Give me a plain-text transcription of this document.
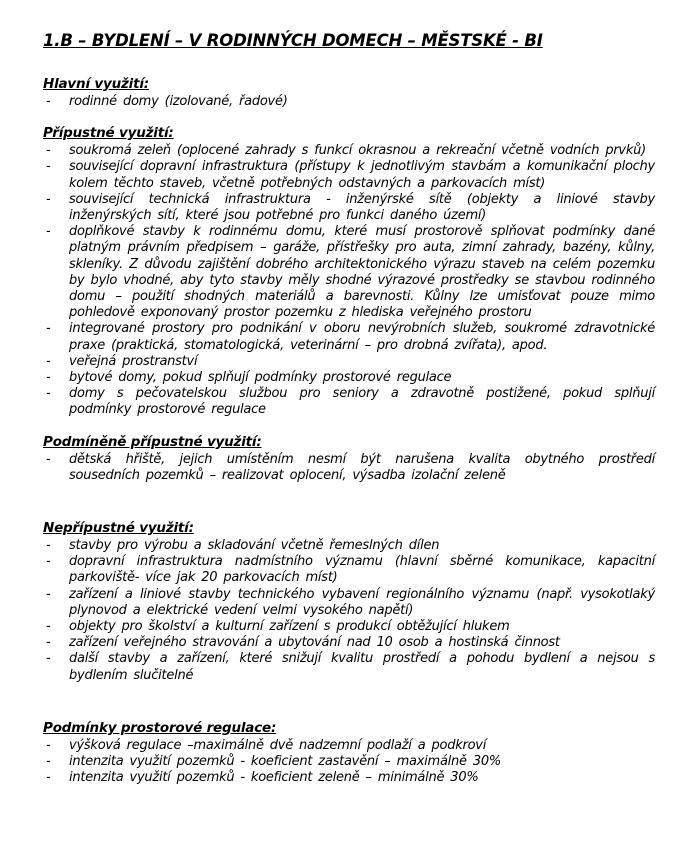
1.B – BYDLENÍ – V RODINNÝCH DOMECH – MĚSTSKÉ - BI
Hlavní využití:
- rodinné domy (izolované, řadové)
Přípustné využití:
- soukromá zeleň (oplocené zahrady s funkcí okrasnou a rekreační včetně vodních prvků)
- související dopravní infrastruktura (přístupy k jednotlivým stavbám a komunikační plochy kolem těchto staveb, včetně potřebných odstavných a parkovacích míst)
- související technická infrastruktura - inženýrské sítě (objekty a liniové stavby inženýrských sítí, které jsou potřebné pro funkci daného území)
- doplňkové stavby k rodinnému domu, které musí prostorově splňovat podmínky dané platným právním předpisem – garáže, přístřešky pro auta, zimní zahrady, bazény, kůlny, skleníky. Z důvodu zajištění dobrého architektonického výrazu staveb na celém pozemku by bylo vhodné, aby tyto stavby měly shodné výrazové prostředky se stavbou rodinného domu – použití shodných materiálů a barevnosti. Kůlny lze umisťovat pouze mimo pohledově exponovaný prostor pozemku z hlediska veřejného prostoru
- integrované prostory pro podnikání v oboru nevýrobních služeb, soukromé zdravotnické praxe (praktická, stomatologická, veterinární – pro drobná zvířata), apod.
- veřejná prostranství
- bytové domy, pokud splňují podmínky prostorové regulace
- domy s pečovatelskou službou pro seniory a zdravotně postižené, pokud splňují podmínky prostorové regulace
Podmíněně přípustné využití:
- dětská hřiště, jejich umístěním nesmí být narušena kvalita obytného prostředí sousedních pozemků – realizovat oplocení, výsadba izolační zeleně
Nepřípustné využití:
- stavby pro výrobu a skladování včetně řemeslných dílen
- dopravní infrastruktura nadmístního významu (hlavní sběrné komunikace, kapacitní parkoviště- více jak 20 parkovacích míst)
- zařízení a liniové stavby technického vybavení regionálního významu (např. vysokotlaký plynovod a elektrické vedení velmi vysokého napětí)
- objekty pro školství a kulturní zařízení s produkcí obtěžující hlukem
- zařízení veřejného stravování a ubytování nad 10 osob a hostinská činnost
- další stavby a zařízení, které snižují kvalitu prostředí a pohodu bydlení a nejsou s bydlením slučitelné
Podmínky prostorové regulace:
- výšková regulace –maximálně dvě nadzemní podlaží a podkroví
- intenzita využití pozemků - koeficient zastavění – maximálně 30%
- intenzita využití pozemků - koeficient zeleně – minimálně 30%
